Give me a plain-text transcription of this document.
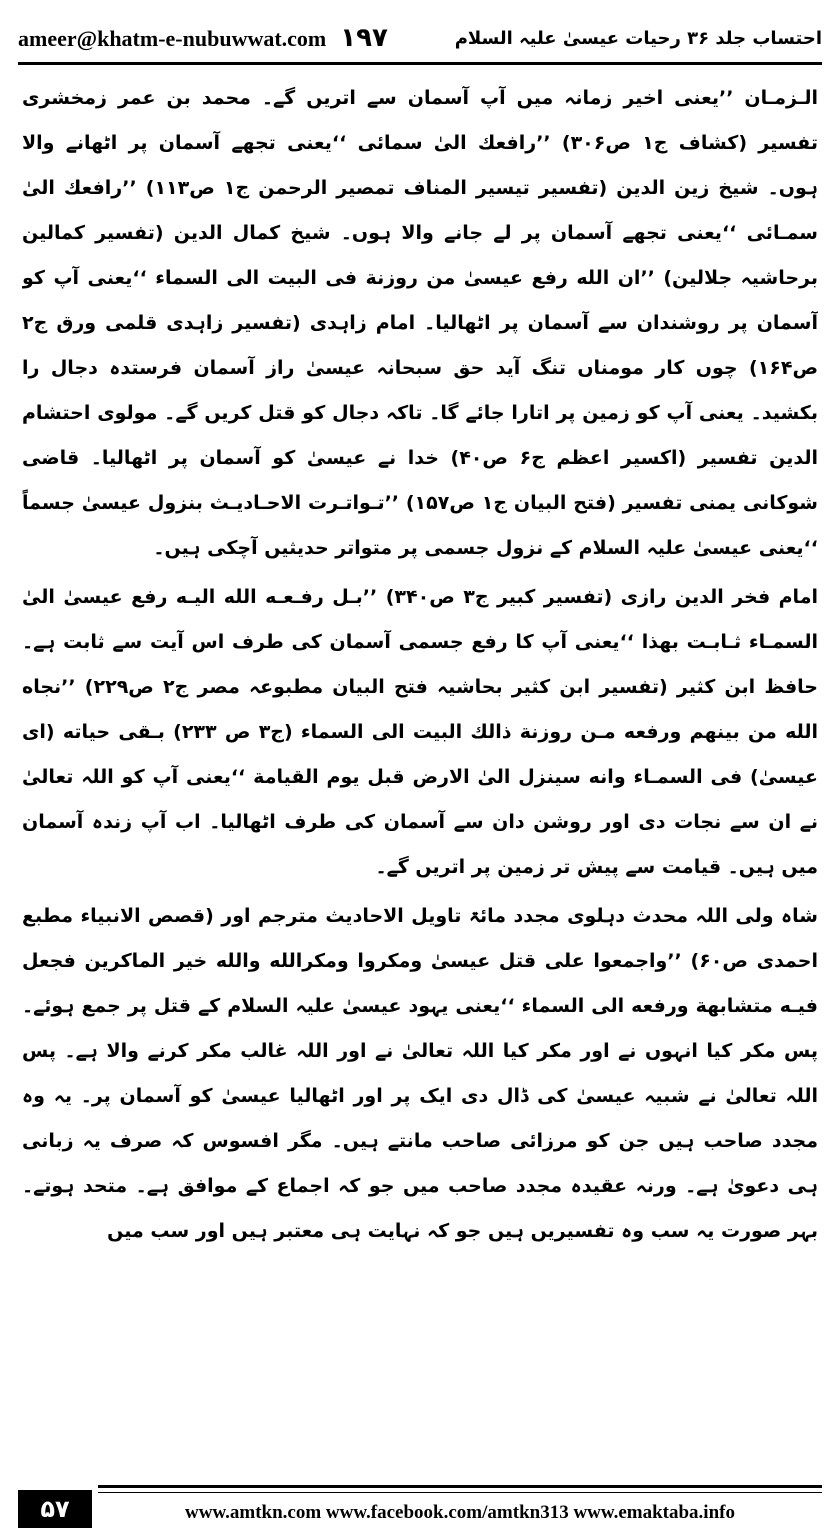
ameer@khatm-e-nubuwwat.com ۱۹۷	احتساب جلد ۳۶ رحیات عیسیٰ علیہ السلام

الـزمـان ’’یعنی اخیر زمانہ میں آپ آسمان سے اتریں گے۔ محمد بن عمر زمخشری تفسیر (کشاف ج۱ ص۳۰۶) ’’رافعك الیٰ سمائی ‘‘یعنی تجھے آسمان پر اٹھانے والا ہوں۔ شیخ زین الدین (تفسیر تیسیر المناف تمصیر الرحمن ج۱ ص۱۱۳) ’’رافعك الیٰ سمـائی ‘‘یعنی تجھے آسمان پر لے جانے والا ہوں۔ شیخ کمال الدین (تفسیر کمالین برحاشیہ جلالین) ’’ان الله رفع عیسیٰ من روزنة فی البیت الی السماء ‘‘یعنی آپ کو آسمان پر روشندان سے آسمان پر اٹھالیا۔ امام زاہدی (تفسیر زاہدی قلمی ورق ج۲ ص۱۶۴) چوں کار مومناں تنگ آید حق سبحانہ عیسیٰ راز آسمان فرستدہ دجال را بکشید۔ یعنی آپ کو زمین پر اتارا جائے گا۔ تاکہ دجال کو قتل کریں گے۔ مولوی احتشام الدین تفسیر (اکسیر اعظم ج۶ ص۴۰) خدا نے عیسیٰ کو آسمان پر اٹھالیا۔ قاضی شوکانی یمنی تفسیر (فتح البیان ج۱ ص۱۵۷) ’’تـواتـرت الاحـادیـث بنزول عیسیٰ جسماً ‘‘یعنی عیسیٰ علیہ السلام کے نزول جسمی پر متواتر حدیثیں آچکی ہیں۔

امام فخر الدین رازی (تفسیر کبیر ج۳ ص۳۴۰) ’’بـل رفـعـه الله الیـه رفع عیسیٰ الیٰ السمـاء ثـابـت بهذا ‘‘یعنی آپ کا رفع جسمی آسمان کی طرف اس آیت سے ثابت ہے۔ حافظ ابن کثیر (تفسیر ابن کثیر بحاشیہ فتح البیان مطبوعہ مصر ج۲ ص۲۲۹) ’’نجاه الله من بینهم ورفعه مـن روزنة ذالك البیت الی السماء (ج۳ ص ۲۳۳) بـقی حیاته (ای عیسیٰ) فی السمـاء وانه سینزل الیٰ الارض قبل یوم القیامة ‘‘یعنی آپ کو اللہ تعالیٰ نے ان سے نجات دی اور روشن دان سے آسمان کی طرف اٹھالیا۔ اب آپ زندہ آسمان میں ہیں۔ قیامت سے پیش تر زمین پر اتریں گے۔

شاہ ولی اللہ محدث دہلوی مجدد مائۃ تاویل الاحادیث مترجم اور (قصص الانبیاء مطبع احمدی ص۶۰) ’’واجمعوا علی قتل عیسیٰ ومکروا ومکرالله والله خیر الماکرین فجعل فیـه متشابهة ورفعه الی السماء ‘‘یعنی یہود عیسیٰ علیہ السلام کے قتل پر جمع ہوئے۔ پس مکر کیا انہوں نے اور مکر کیا اللہ تعالیٰ نے اور اللہ غالب مکر کرنے والا ہے۔ پس اللہ تعالیٰ نے شبیہ عیسیٰ کی ڈال دی ایک پر اور اٹھالیا عیسیٰ کو آسمان پر۔ یہ وہ مجدد صاحب ہیں جن کو مرزائی صاحب مانتے ہیں۔ مگر افسوس کہ صرف یہ زبانی ہی دعویٰ ہے۔ ورنہ عقیدہ مجدد صاحب میں جو کہ اجماع کے موافق ہے۔ متحد ہوتے۔ بہر صورت یہ سب وہ تفسیریں ہیں جو کہ نہایت ہی معتبر ہیں اور سب میں

۵۷	www.amtkn.com www.facebook.com/amtkn313 www.emaktaba.info
